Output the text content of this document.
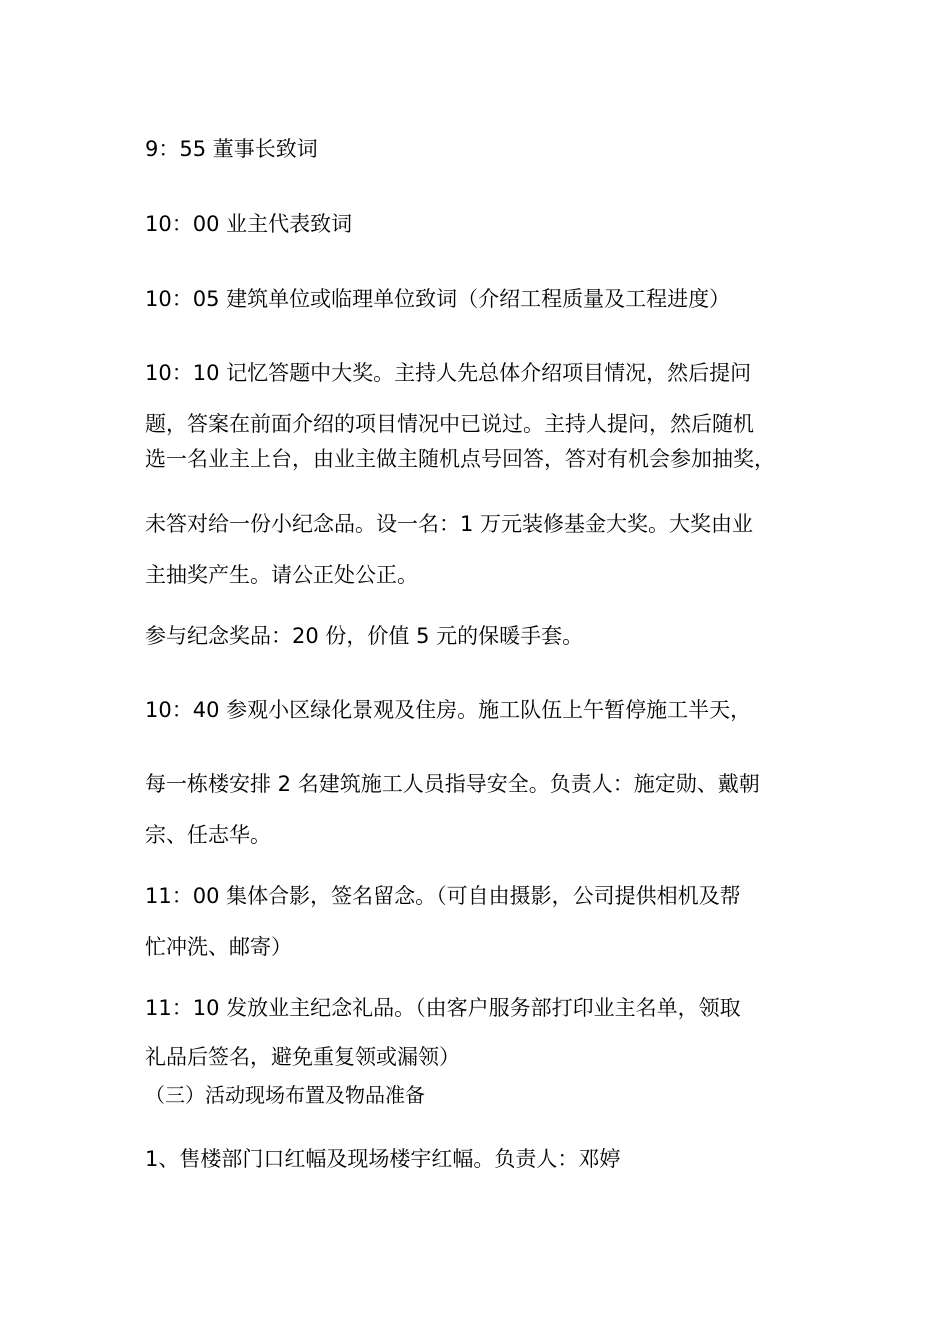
9：55 董事长致词

10：00 业主代表致词

10：05 建筑单位或临理单位致词（介绍工程质量及工程进度）

10：10 记忆答题中大奖。主持人先总体介绍项目情况，然后提问

题，答案在前面介绍的项目情况中已说过。主持人提问，然后随机

选一名业主上台，由业主做主随机点号回答，答对有机会参加抽奖，

未答对给一份小纪念品。设一名：1 万元装修基金大奖。大奖由业

主抽奖产生。请公正处公正。

参与纪念奖品：20 份，价值 5 元的保暖手套。

10：40 参观小区绿化景观及住房。施工队伍上午暂停施工半天，

每一栋楼安排 2 名建筑施工人员指导安全。负责人：施定勋、戴朝

宗、任志华。

11：00 集体合影，签名留念。（可自由摄影，公司提供相机及帮

忙冲洗、邮寄）

11：10 发放业主纪念礼品。（由客户服务部打印业主名单，领取

礼品后签名，避免重复领或漏领）

（三）活动现场布置及物品准备

1、售楼部门口红幅及现场楼宇红幅。负责人：邓婷
